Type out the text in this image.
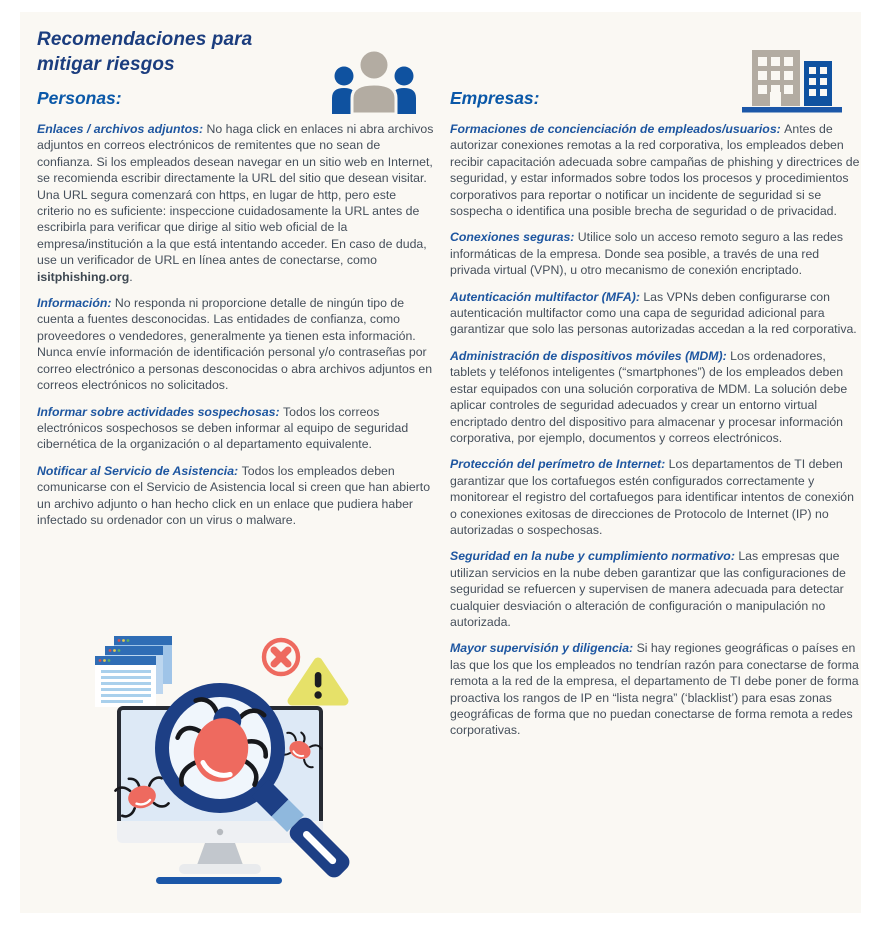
Recomendaciones para mitigar riesgos
Personas:

Enlaces / archivos adjuntos: No haga click en enlaces ni abra archivos adjuntos en correos electrónicos de remitentes que no sean de confianza. Si los empleados desean navegar en un sitio web en Internet, se recomienda escribir directamente la URL del sitio que desean visitar. Una URL segura comenzará con https, en lugar de http, pero este criterio no es suficiente: inspeccione cuidadosamente la URL antes de escribirla para verificar que dirige al sitio web oficial de la empresa/institución a la que está intentando acceder. En caso de duda, use un verificador de URL en línea antes de conectarse, como isitphishing.org.

Información: No responda ni proporcione detalle de ningún tipo de cuenta a fuentes desconocidas. Las entidades de confianza, como proveedores o vendedores, generalmente ya tienen esta información. Nunca envíe información de identificación personal y/o contraseñas por correo electrónico a personas desconocidas o abra archivos adjuntos en correos electrónicos no solicitados.

Informar sobre actividades sospechosas: Todos los correos electrónicos sospechosos se deben informar al equipo de seguridad cibernética de la organización o al departamento equivalente.

Notificar al Servicio de Asistencia: Todos los empleados deben comunicarse con el Servicio de Asistencia local si creen que han abierto un archivo adjunto o han hecho click en un enlace que pudiera haber infectado su ordenador con un virus o malware.

Empresas:

Formaciones de concienciación de empleados/usuarios: Antes de autorizar conexiones remotas a la red corporativa, los empleados deben recibir capacitación adecuada sobre campañas de phishing y directrices de seguridad, y estar informados sobre todos los procesos y procedimientos corporativos para reportar o notificar un incidente de seguridad si se sospecha o identifica una posible brecha de seguridad o de privacidad.

Conexiones seguras: Utilice solo un acceso remoto seguro a las redes informáticas de la empresa. Donde sea posible, a través de una red privada virtual (VPN), u otro mecanismo de conexión encriptado.

Autenticación multifactor (MFA): Las VPNs deben configurarse con autenticación multifactor como una capa de seguridad adicional para garantizar que solo las personas autorizadas accedan a la red corporativa.

Administración de dispositivos móviles (MDM): Los ordenadores, tablets y teléfonos inteligentes (“smartphones”) de los empleados deben estar equipados con una solución corporativa de MDM. La solución debe aplicar controles de seguridad adecuados y crear un entorno virtual encriptado dentro del dispositivo para almacenar y procesar información corporativa, por ejemplo, documentos y correos electrónicos.

Protección del perímetro de Internet: Los departamentos de TI deben garantizar que los cortafuegos estén configurados correctamente y monitorear el registro del cortafuegos para identificar intentos de conexión o conexiones exitosas de direcciones de Protocolo de Internet (IP) no autorizadas o sospechosas.

Seguridad en la nube y cumplimiento normativo: Las empresas que utilizan servicios en la nube deben garantizar que las configuraciones de seguridad se refuercen y supervisen de manera adecuada para detectar cualquier desviación o alteración de configuración o manipulación no autorizada.

Mayor supervisión y diligencia: Si hay regiones geográficas o países en las que los que los empleados no tendrían razón para conectarse de forma remota a la red de la empresa, el departamento de TI debe poner de forma proactiva los rangos de IP en “lista negra” (‘blacklist’) para esas zonas geográficas de forma que no puedan conectarse de forma remota a redes corporativas.
